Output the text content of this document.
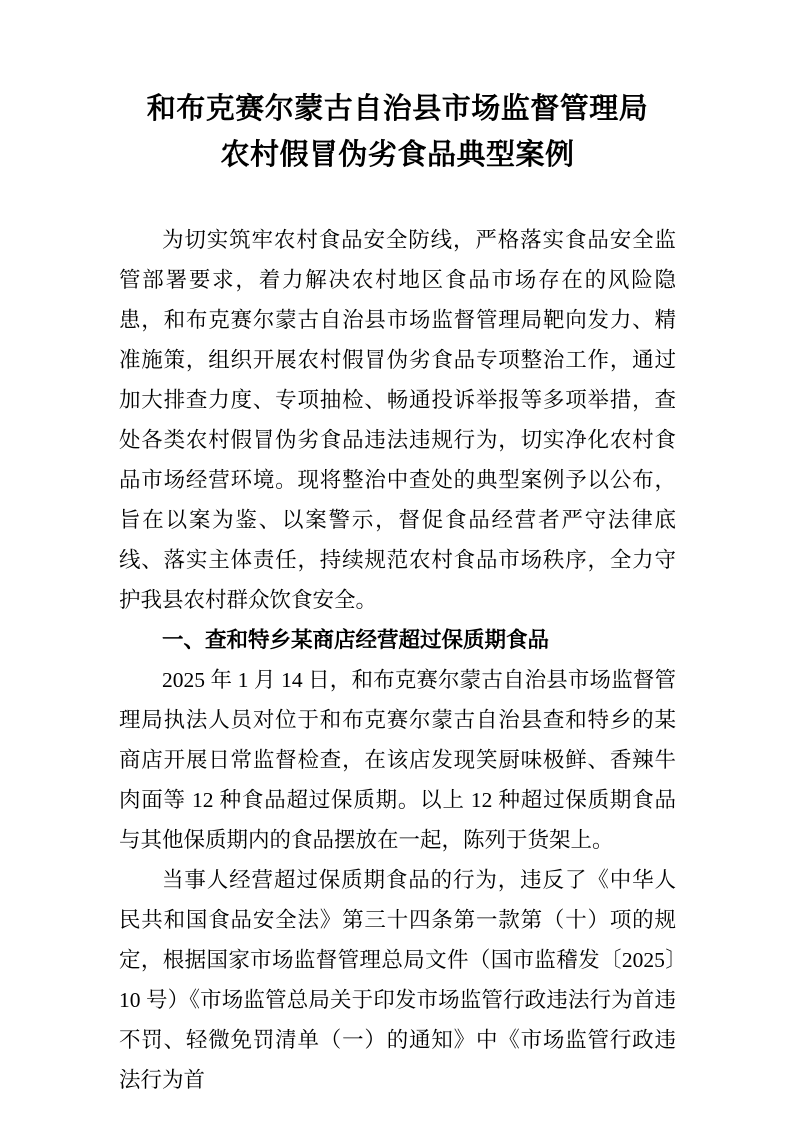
和布克赛尔蒙古自治县市场监督管理局
农村假冒伪劣食品典型案例

为切实筑牢农村食品安全防线，严格落实食品安全监管部署要求，着力解决农村地区食品市场存在的风险隐患，和布克赛尔蒙古自治县市场监督管理局靶向发力、精准施策，组织开展农村假冒伪劣食品专项整治工作，通过加大排查力度、专项抽检、畅通投诉举报等多项举措，查处各类农村假冒伪劣食品违法违规行为，切实净化农村食品市场经营环境。现将整治中查处的典型案例予以公布，旨在以案为鉴、以案警示，督促食品经营者严守法律底线、落实主体责任，持续规范农村食品市场秩序，全力守护我县农村群众饮食安全。

一、查和特乡某商店经营超过保质期食品

2025 年 1 月 14 日，和布克赛尔蒙古自治县市场监督管理局执法人员对位于和布克赛尔蒙古自治县查和特乡的某商店开展日常监督检查，在该店发现笑厨味极鲜、香辣牛肉面等 12 种食品超过保质期。以上 12 种超过保质期食品与其他保质期内的食品摆放在一起，陈列于货架上。

当事人经营超过保质期食品的行为，违反了《中华人民共和国食品安全法》第三十四条第一款第（十）项的规定，根据国家市场监督管理总局文件（国市监稽发〔2025〕10 号）《市场监管总局关于印发市场监管行政违法行为首违不罚、轻微免罚清单（一）的通知》中《市场监管行政违法行为首
